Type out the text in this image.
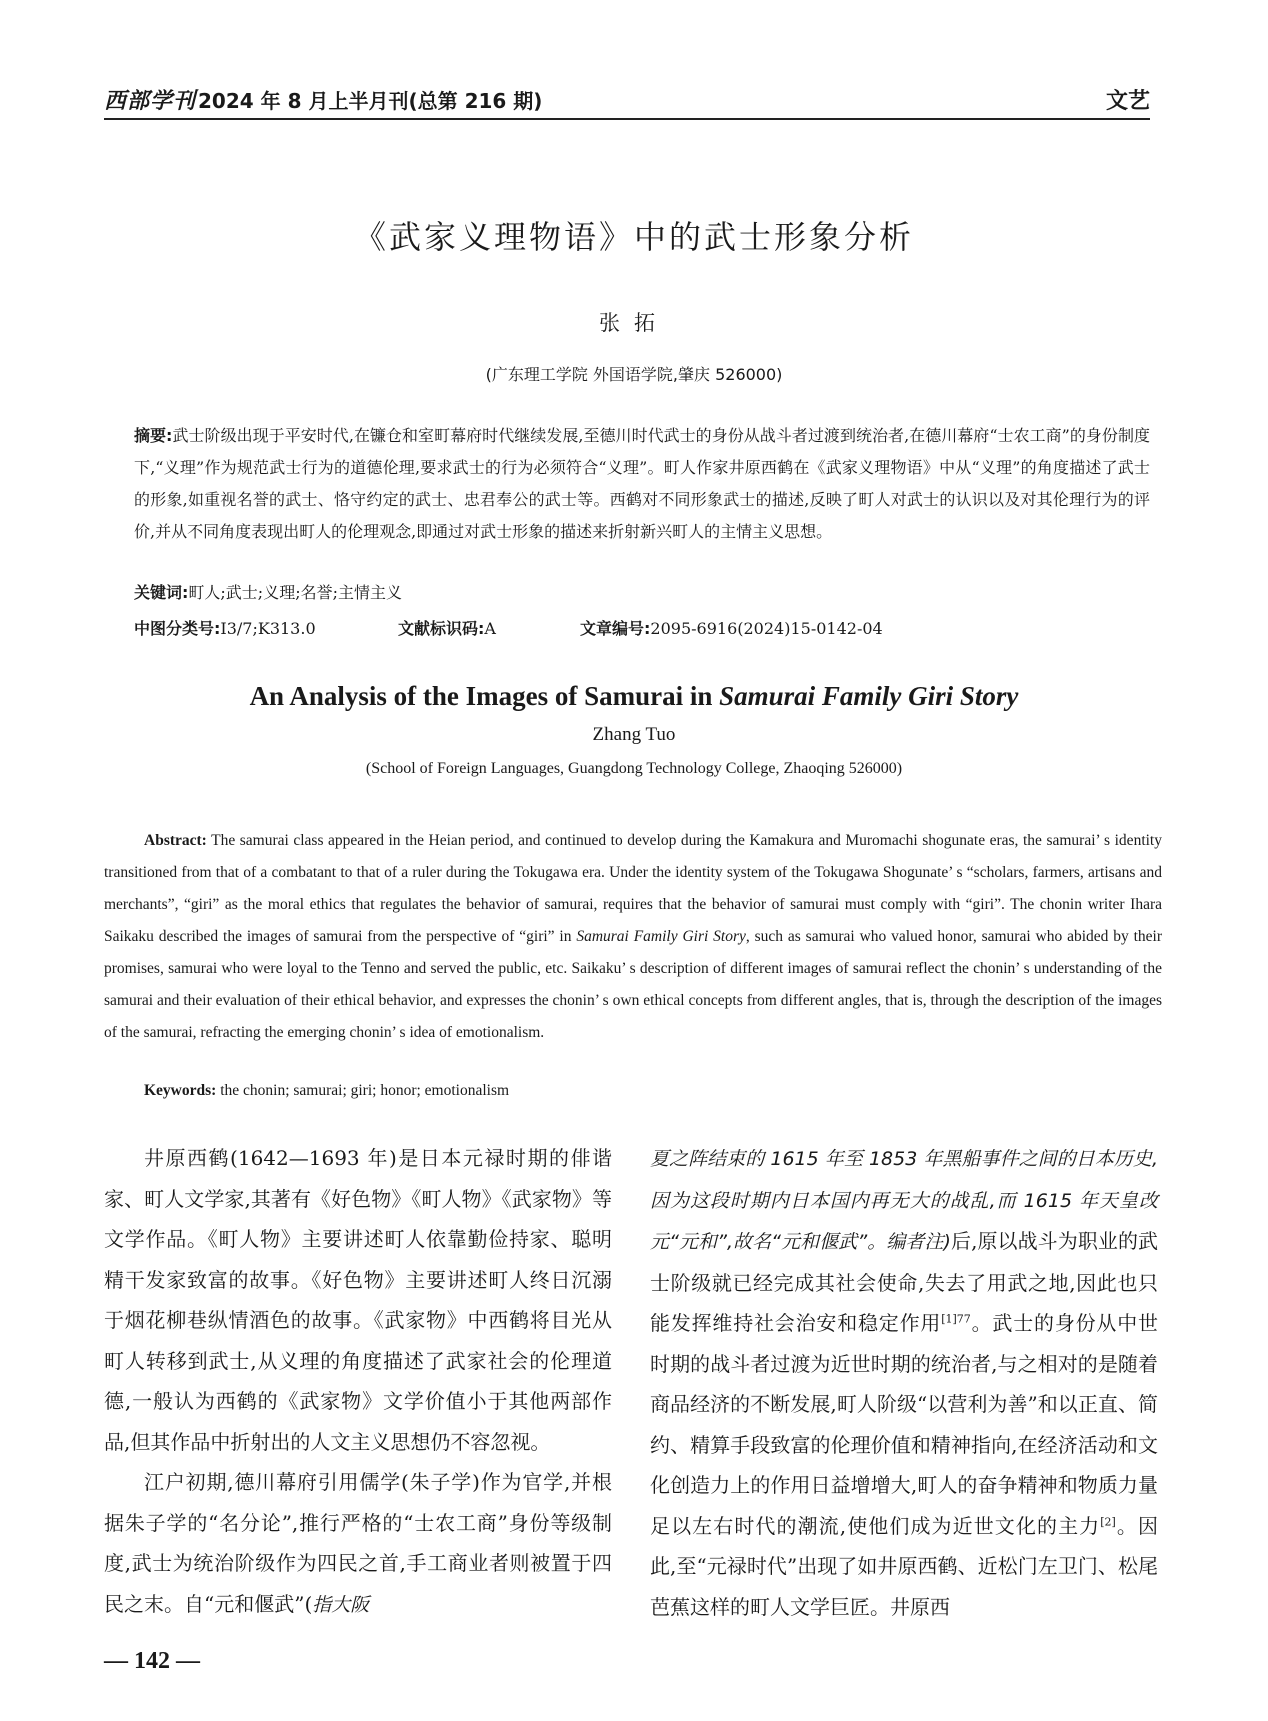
西部学刊 2024 年 8 月上半月刊(总第 216 期)	文艺
《武家义理物语》中的武士形象分析
张拓
(广东理工学院 外国语学院,肇庆 526000)
摘要:武士阶级出现于平安时代,在镰仓和室町幕府时代继续发展,至德川时代武士的身份从战斗者过渡到统治者,在德川幕府“士农工商”的身份制度下,“义理”作为规范武士行为的道德伦理,要求武士的行为必须符合“义理”。町人作家井原西鹤在《武家义理物语》中从“义理”的角度描述了武士的形象,如重视名誉的武士、恪守约定的武士、忠君奉公的武士等。西鹤对不同形象武士的描述,反映了町人对武士的认识以及对其伦理行为的评价,并从不同角度表现出町人的伦理观念,即通过对武士形象的描述来折射新兴町人的主情主义思想。
关键词:町人;武士;义理;名誉;主情主义
中图分类号:I3/7;K313.0	文献标识码:A	文章编号:2095-6916(2024)15-0142-04
An Analysis of the Images of Samurai in Samurai Family Giri Story
Zhang Tuo
(School of Foreign Languages, Guangdong Technology College, Zhaoqing 526000)
Abstract: The samurai class appeared in the Heian period, and continued to develop during the Kamakura and Muromachi shogunate eras, the samurai’ s identity transitioned from that of a combatant to that of a ruler during the Tokugawa era. Under the identity system of the Tokugawa Shogunate’ s “scholars, farmers, artisans and merchants”, “giri” as the moral ethics that regulates the behavior of samurai, requires that the behavior of samurai must comply with “giri”. The chonin writer Ihara Saikaku described the images of samurai from the perspective of “giri” in Samurai Family Giri Story, such as samurai who valued honor, samurai who abided by their promises, samurai who were loyal to the Tenno and served the public, etc. Saikaku’ s description of different images of samurai reflect the chonin’ s understanding of the samurai and their evaluation of their ethical behavior, and expresses the chonin’ s own ethical concepts from different angles, that is, through the description of the images of the samurai, refracting the emerging chonin’ s idea of emotionalism.
Keywords: the chonin; samurai; giri; honor; emotionalism

井原西鹤(1642—1693 年)是日本元禄时期的俳谐家、町人文学家,其著有《好色物》《町人物》《武家物》等文学作品。《町人物》主要讲述町人依靠勤俭持家、聪明精干发家致富的故事。《好色物》主要讲述町人终日沉溺于烟花柳巷纵情酒色的故事。《武家物》中西鹤将目光从町人转移到武士,从义理的角度描述了武家社会的伦理道德,一般认为西鹤的《武家物》文学价值小于其他两部作品,但其作品中折射出的人文主义思想仍不容忽视。

江户初期,德川幕府引用儒学(朱子学)作为官学,并根据朱子学的“名分论”,推行严格的“士农工商”身份等级制度,武士为统治阶级作为四民之首,手工商业者则被置于四民之末。自“元和偃武”(指大阪

夏之阵结束的 1615 年至 1853 年黑船事件之间的日本历史,因为这段时期内日本国内再无大的战乱,而 1615 年天皇改元“元和”,故名“元和偃武”。编者注)后,原以战斗为职业的武士阶级就已经完成其社会使命,失去了用武之地,因此也只能发挥维持社会治安和稳定作用$^{[1]77}$。武士的身份从中世时期的战斗者过渡为近世时期的统治者,与之相对的是随着商品经济的不断发展,町人阶级“以营利为善”和以正直、简约、精算手段致富的伦理价值和精神指向,在经济活动和文化创造力上的作用日益增增大,町人的奋争精神和物质力量足以左右时代的潮流,使他们成为近世文化的主力[2]。因此,至“元禄时代”出现了如井原西鹤、近松门左卫门、松尾芭蕉这样的町人文学巨匠。井原西

— 142 —
